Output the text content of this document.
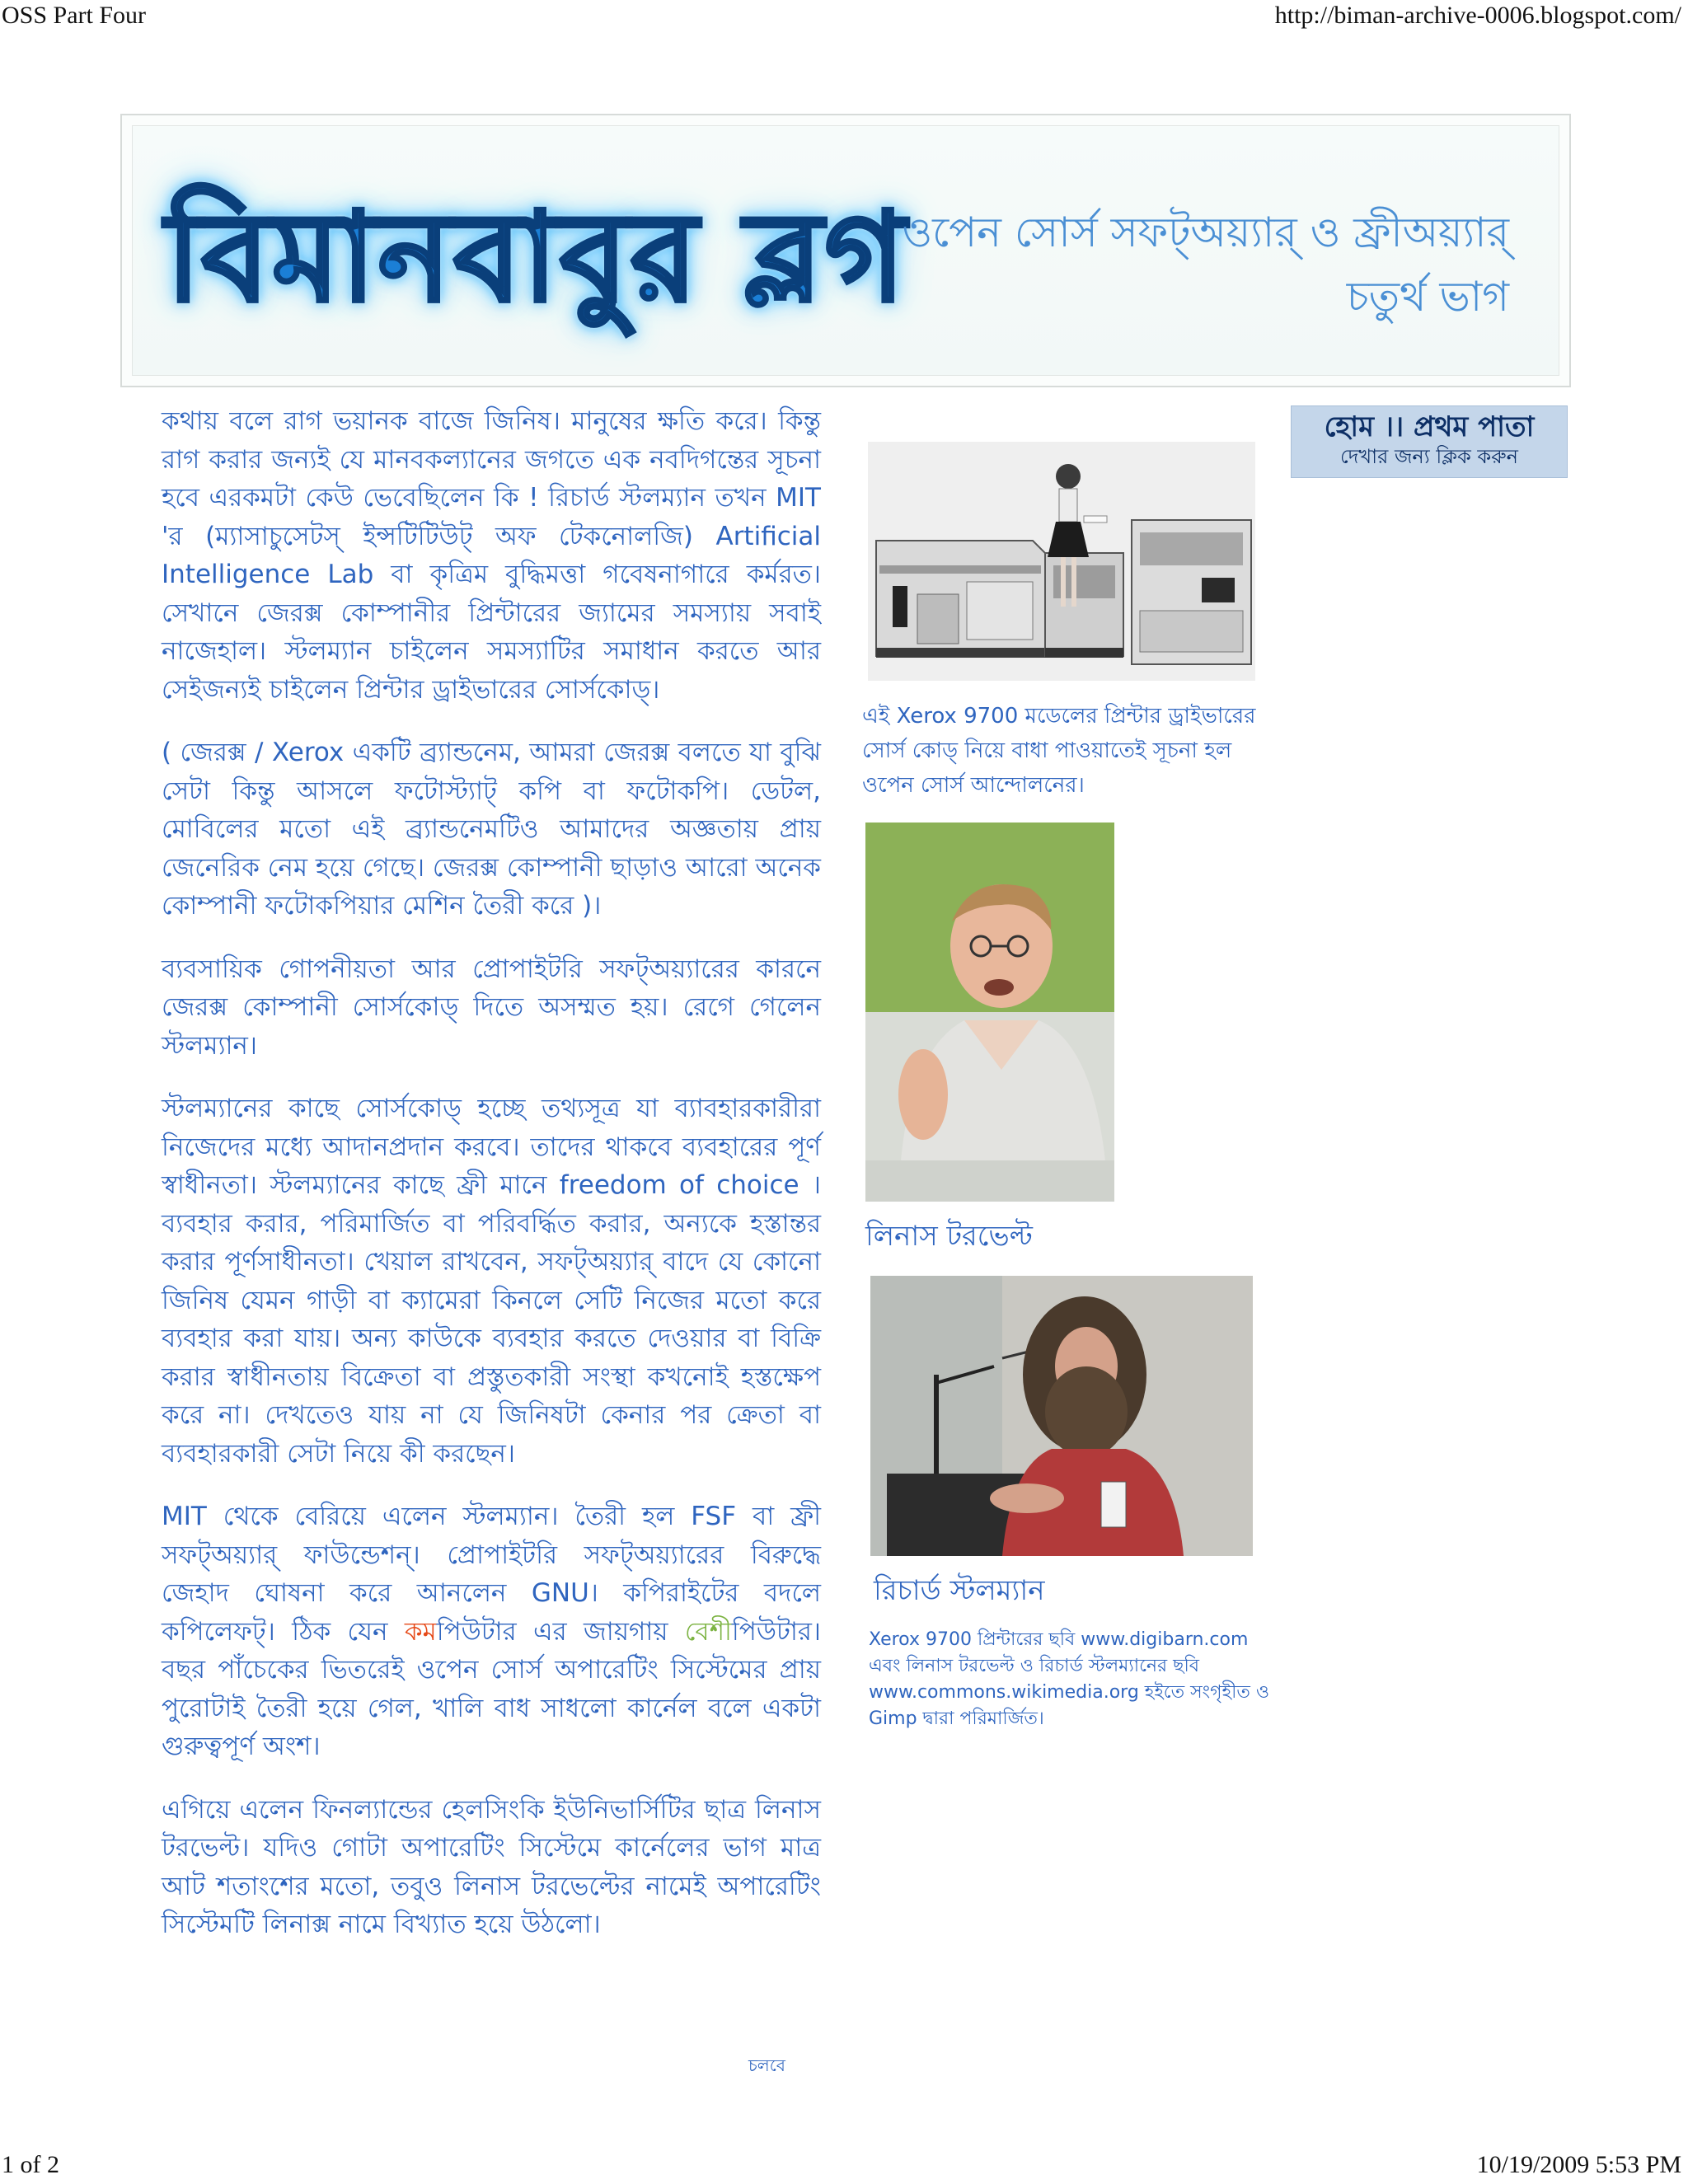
OSS Part Four	http://biman-archive-0006.blogspot.com/
বিমানবাবুর ব্লগ
ওপেন সোর্স সফট্‌অয়্যার্‌ ও ফ্রীঅয়্যার্‌
চতুর্থ ভাগ

কথায় বলে রাগ ভয়ানক বাজে জিনিষ। মানুষের ক্ষতি করে। কিন্তু রাগ করার জন্যই যে মানবকল্যানের জগতে এক নবদিগন্তের সূচনা হবে এরকমটা কেউ ভেবেছিলেন কি ! রিচার্ড স্টলম্যান তখন MIT 'র (ম্যাসাচুসেটস্‌ ইন্সটিটিউট্‌ অফ টেকনোলজি) Artificial Intelligence Lab বা কৃত্রিম বুদ্ধিমত্তা গবেষনাগারে কর্মরত। সেখানে জেরক্স কোম্পানীর প্রিন্টারের জ্যামের সমস্যায় সবাই নাজেহাল। স্টলম্যান চাইলেন সমস্যাটির সমাধান করতে আর সেইজন্যই চাইলেন প্রিন্টার ড্রাইভারের সোর্সকোড্‌।

( জেরক্স / Xerox একটি ব্র্যান্ডনেম, আমরা জেরক্স বলতে যা বুঝি সেটা কিন্তু আসলে ফটোস্ট্যাট্‌ কপি বা ফটোকপি। ডেটল, মোবিলের মতো এই ব্র্যান্ডনেমটিও আমাদের অজ্ঞতায় প্রায় জেনেরিক নেম হয়ে গেছে। জেরক্স কোম্পানী ছাড়াও আরো অনেক কোম্পানী ফটোকপিয়ার মেশিন তৈরী করে )।

ব্যবসায়িক গোপনীয়তা আর প্রোপাইটরি সফট্‌অয়্যারের কারনে জেরক্স কোম্পানী সোর্সকোড্‌ দিতে অসম্মত হয়। রেগে গেলেন স্টলম্যান।

স্টলম্যানের কাছে সোর্সকোড্‌ হচ্ছে তথ্যসূত্র যা ব্যাবহারকারীরা নিজেদের মধ্যে আদানপ্রদান করবে। তাদের থাকবে ব্যবহারের পূর্ণ স্বাধীনতা। স্টলম্যানের কাছে ফ্রী মানে freedom of choice । ব্যবহার করার, পরিমার্জিত বা পরিবর্দ্ধিত করার, অন্যকে হস্তান্তর করার পূর্ণসাধীনতা। খেয়াল রাখবেন, সফট্‌অয়্যার্‌ বাদে যে কোনো জিনিষ যেমন গাড়ী বা ক্যামেরা কিনলে সেটি নিজের মতো করে ব্যবহার করা যায়। অন্য কাউকে ব্যবহার করতে দেওয়ার বা বিক্রি করার স্বাধীনতায় বিক্রেতা বা প্রস্তুতকারী সংস্থা কখনোই হস্তক্ষেপ করে না। দেখতেও যায় না যে জিনিষটা কেনার পর ক্রেতা বা ব্যবহারকারী সেটা নিয়ে কী করছেন।

MIT থেকে বেরিয়ে এলেন স্টলম্যান। তৈরী হল FSF বা ফ্রী সফট্‌অয়্যার্‌ ফাউন্ডেশন্‌। প্রোপাইটরি সফট্‌অয়্যারের বিরুদ্ধে জেহাদ ঘোষনা করে আনলেন GNU। কপিরাইটের বদলে কপিলেফট্‌। ঠিক যেন কমপিউটার এর জায়গায় বেশীপিউটার। বছর পাঁচেকের ভিতরেই ওপেন সোর্স অপারেটিং সিস্টেমের প্রায় পুরোটাই তৈরী হয়ে গেল, খালি বাধ সাধলো কার্নেল বলে একটা গুরুত্বপূর্ণ অংশ।

এগিয়ে এলেন ফিনল্যান্ডের হেলসিংকি ইউনিভার্সিটির ছাত্র লিনাস টরভেল্ট। যদিও গোটা অপারেটিং সিস্টেমে কার্নেলের ভাগ মাত্র আট শতাংশের মতো, তবুও লিনাস টরভেল্টের নামেই অপারেটিং সিস্টেমটি লিনাক্স নামে বিখ্যাত হয়ে উঠলো।

চলবে
হোম ।। প্রথম পাতা
দেখার জন্য ক্লিক করুন
এই Xerox 9700 মডেলের প্রিন্টার ড্রাইভারের সোর্স কোড্‌ নিয়ে বাধা পাওয়াতেই সূচনা হল ওপেন সোর্স আন্দোলনের।
লিনাস টরভেল্ট
রিচার্ড স্টলম্যান
Xerox 9700 প্রিন্টারের ছবি www.digibarn.com এবং লিনাস টরভেল্ট ও রিচার্ড স্টলম্যানের ছবি www.commons.wikimedia.org হইতে সংগৃহীত ও Gimp দ্বারা পরিমার্জিত।
1 of 2	10/19/2009 5:53 PM
